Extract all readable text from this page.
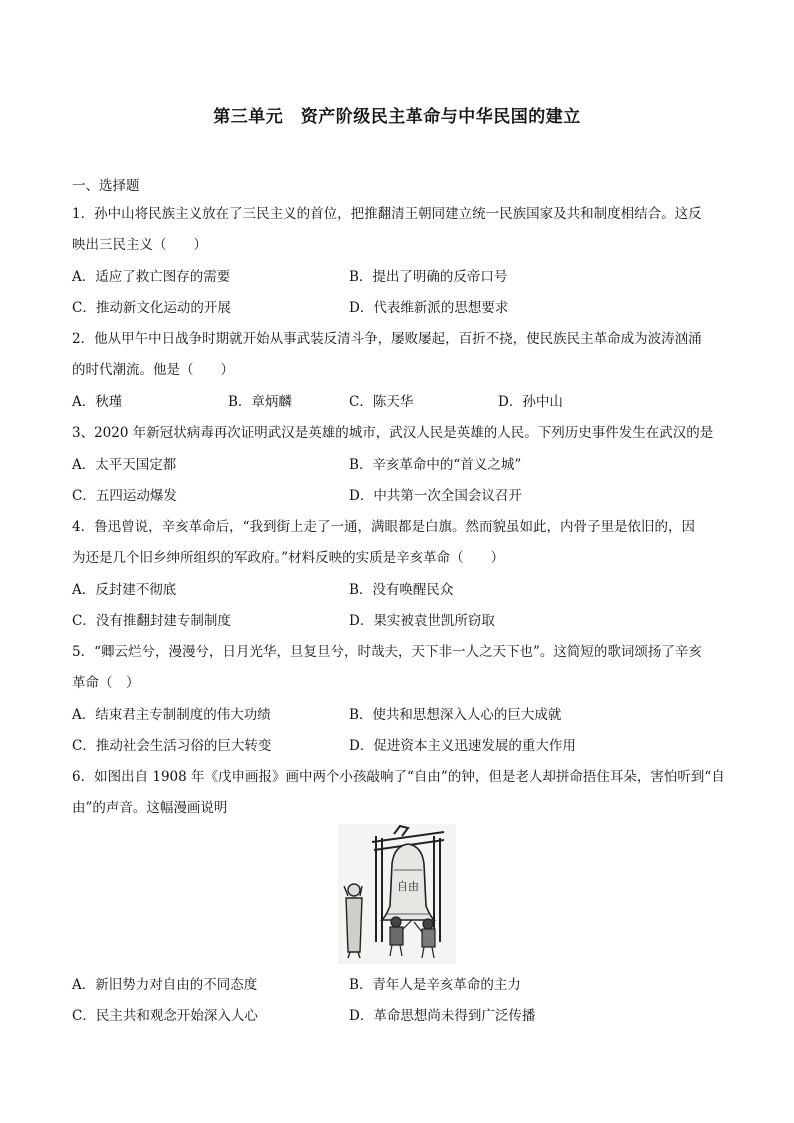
第三单元　资产阶级民主革命与中华民国的建立
一、选择题
1．孙中山将民族主义放在了三民主义的首位，把推翻清王朝同建立统一民族国家及共和制度相结合。这反
映出三民主义（　　）
A．适应了救亡图存的需要	B．提出了明确的反帝口号
C．推动新文化运动的开展	D．代表维新派的思想要求
2．他从甲午中日战争时期就开始从事武装反清斗争，屡败屡起，百折不挠，使民族民主革命成为波涛汹涌
的时代潮流。他是（　　）
A．秋瑾	B．章炳麟	C．陈天华	D．孙中山
3、2020 年新冠状病毒再次证明武汉是英雄的城市，武汉人民是英雄的人民。下列历史事件发生在武汉的是
A．太平天国定都	B．辛亥革命中的“首义之城”
C．五四运动爆发	D．中共第一次全国会议召开
4．鲁迅曾说，辛亥革命后，“我到街上走了一通，满眼都是白旗。然而貌虽如此，内骨子里是依旧的，因
为还是几个旧乡绅所组织的军政府。”材料反映的实质是辛亥革命（　　）
A．反封建不彻底	B．没有唤醒民众
C．没有推翻封建专制制度	D．果实被袁世凯所窃取
5．“卿云烂兮，漫漫兮，日月光华，旦复旦兮，时哉夫，天下非一人之天下也”。这简短的歌词颂扬了辛亥
革命（　）
A．结束君主专制制度的伟大功绩	B．使共和思想深入人心的巨大成就
C．推动社会生活习俗的巨大转变	D．促进资本主义迅速发展的重大作用
6．如图出自 1908 年《戊申画报》画中两个小孩敲响了“自由”的钟，但是老人却拼命捂住耳朵，害怕听到“自
由”的声音。这幅漫画说明
自由
A．新旧势力对自由的不同态度	B．青年人是辛亥革命的主力
C．民主共和观念开始深入人心	D．革命思想尚未得到广泛传播
